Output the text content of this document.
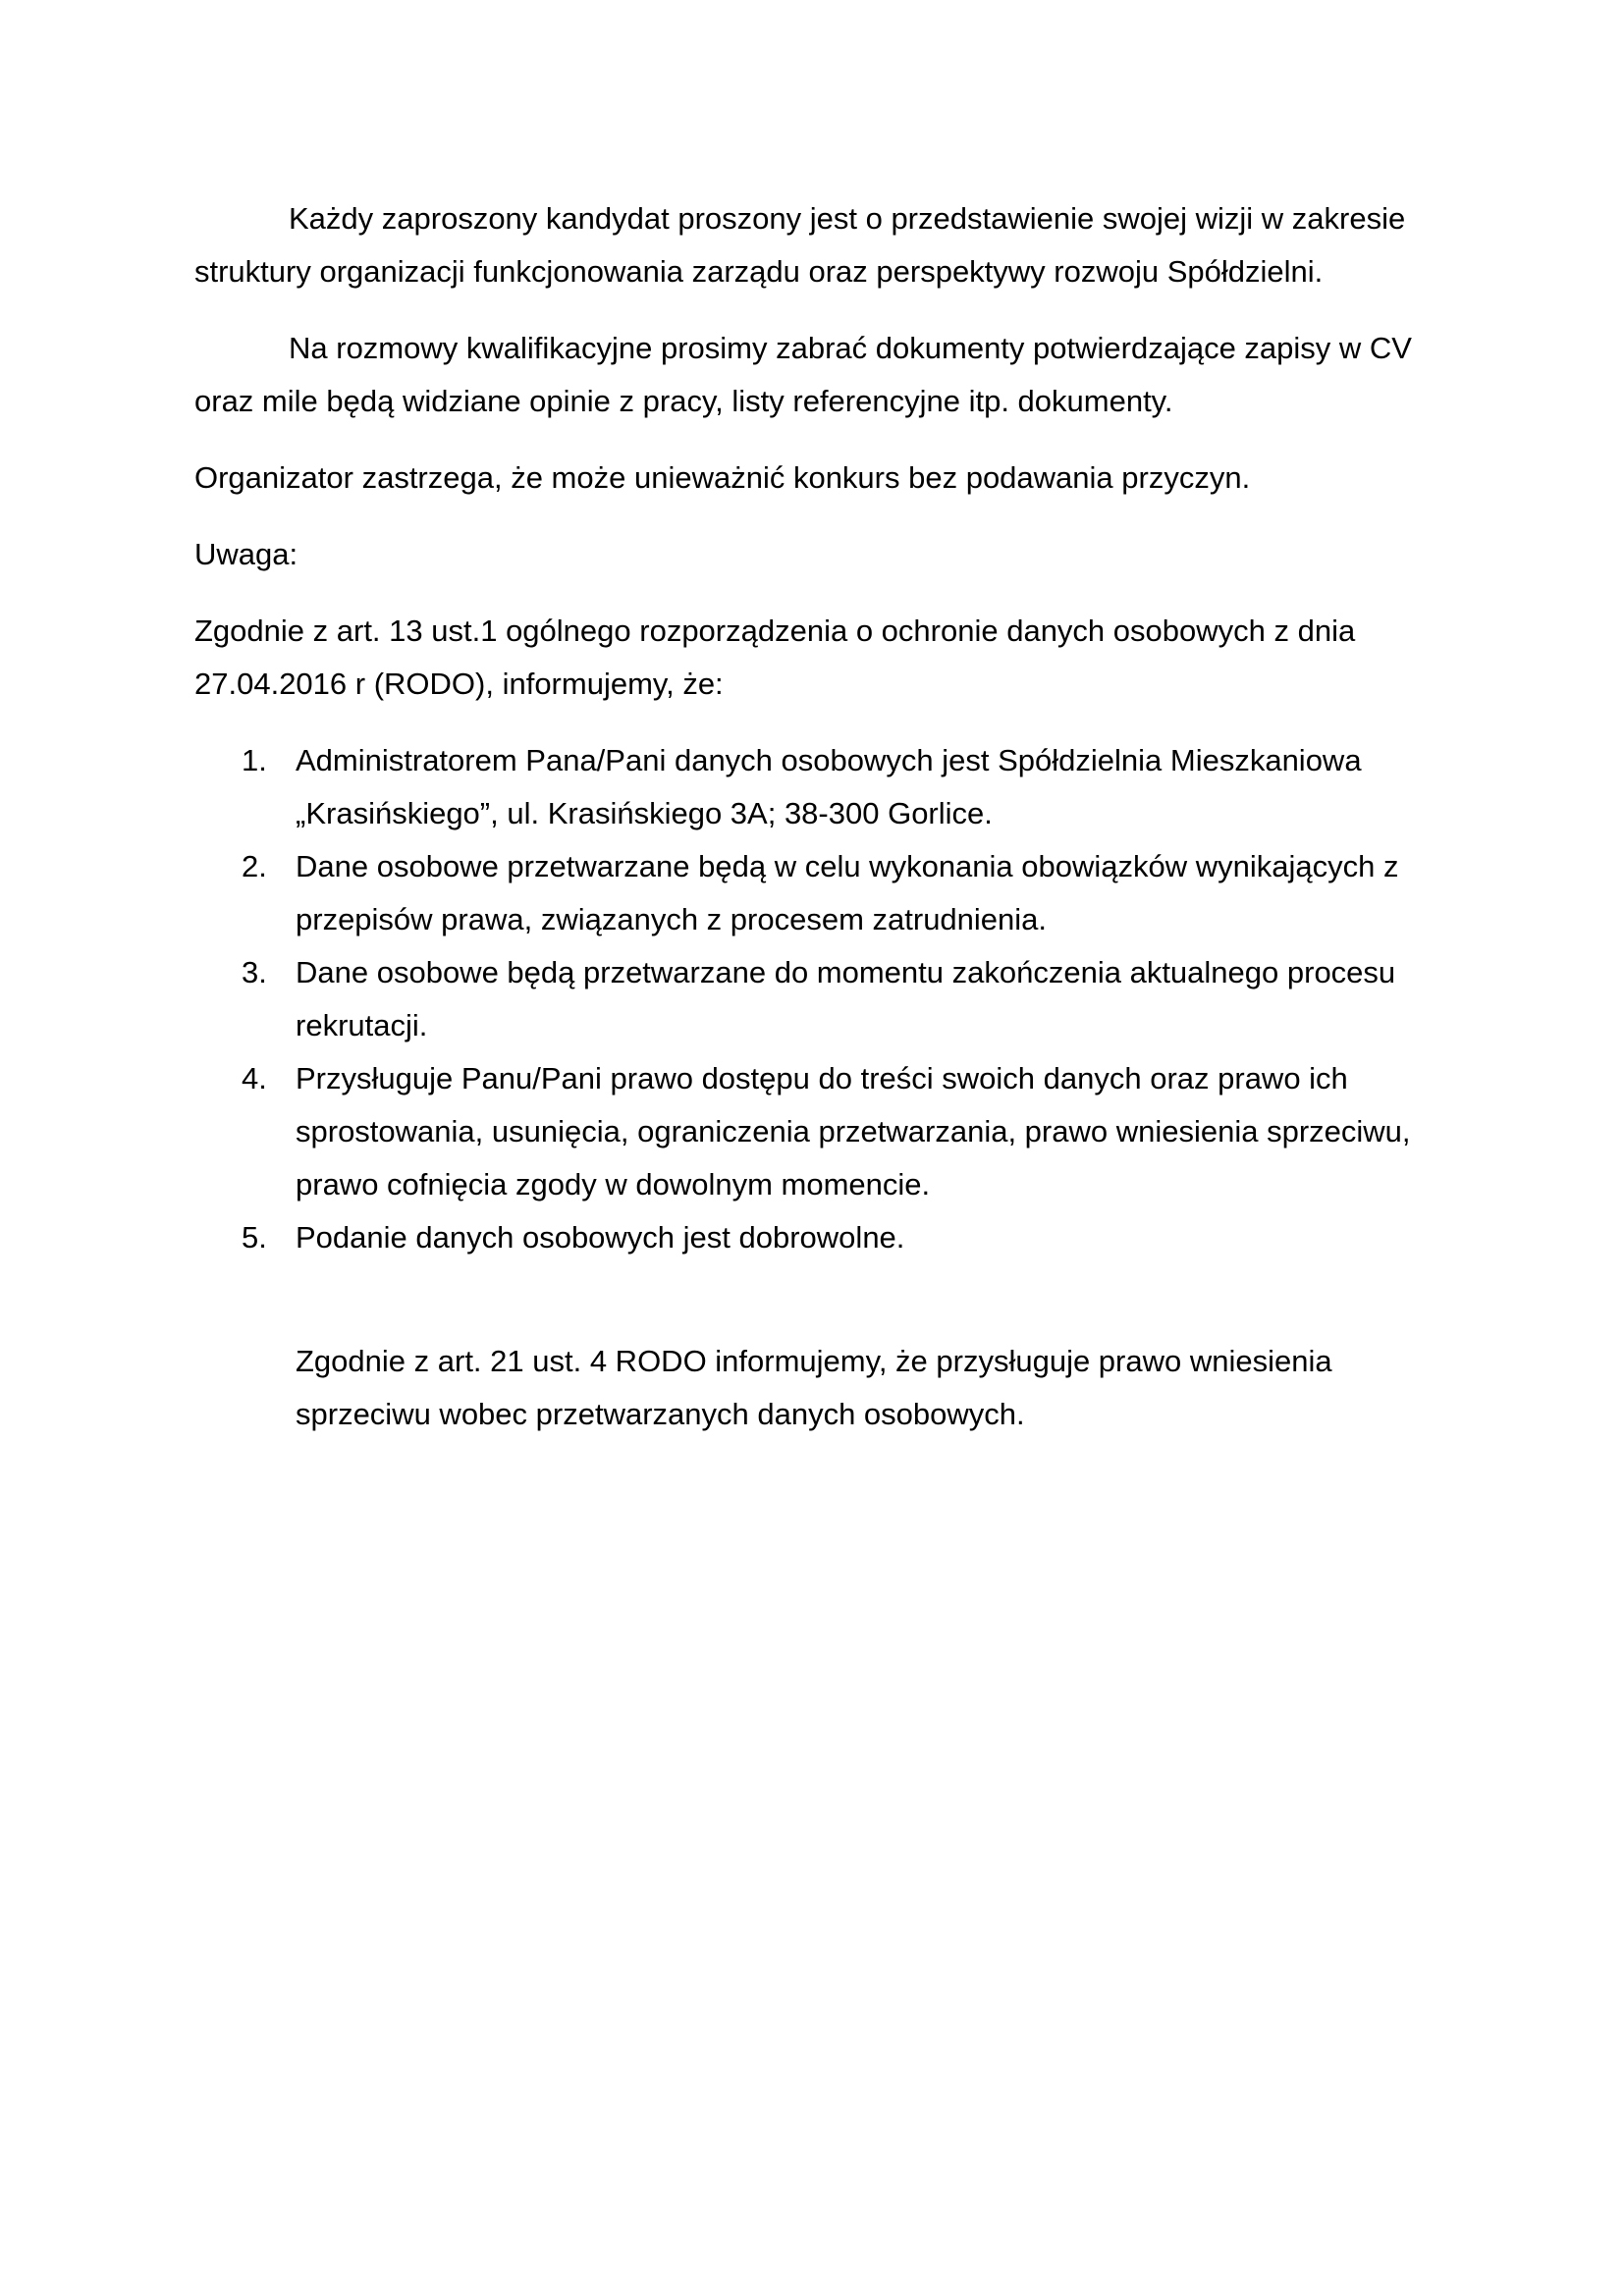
Każdy zaproszony kandydat proszony jest o przedstawienie swojej wizji w zakresie struktury organizacji funkcjonowania zarządu oraz perspektywy rozwoju Spółdzielni.

Na rozmowy kwalifikacyjne prosimy zabrać dokumenty potwierdzające zapisy w CV oraz mile będą widziane opinie z pracy, listy referencyjne itp. dokumenty.

Organizator zastrzega, że może unieważnić konkurs bez podawania przyczyn.

Uwaga:

Zgodnie z art. 13 ust.1 ogólnego rozporządzenia o ochronie danych osobowych z dnia 27.04.2016 r (RODO), informujemy, że:

1. Administratorem Pana/Pani danych osobowych jest Spółdzielnia Mieszkaniowa „Krasińskiego”, ul. Krasińskiego 3A; 38-300 Gorlice.
2. Dane osobowe przetwarzane będą w celu wykonania obowiązków wynikających z przepisów prawa, związanych z procesem zatrudnienia.
3. Dane osobowe będą przetwarzane do momentu zakończenia aktualnego procesu rekrutacji.
4. Przysługuje Panu/Pani prawo dostępu do treści swoich danych oraz prawo ich sprostowania, usunięcia, ograniczenia przetwarzania, prawo wniesienia sprzeciwu, prawo cofnięcia zgody w dowolnym momencie.
5. Podanie danych osobowych jest dobrowolne.

Zgodnie z art. 21 ust. 4 RODO informujemy, że przysługuje prawo wniesienia sprzeciwu wobec przetwarzanych danych osobowych.
